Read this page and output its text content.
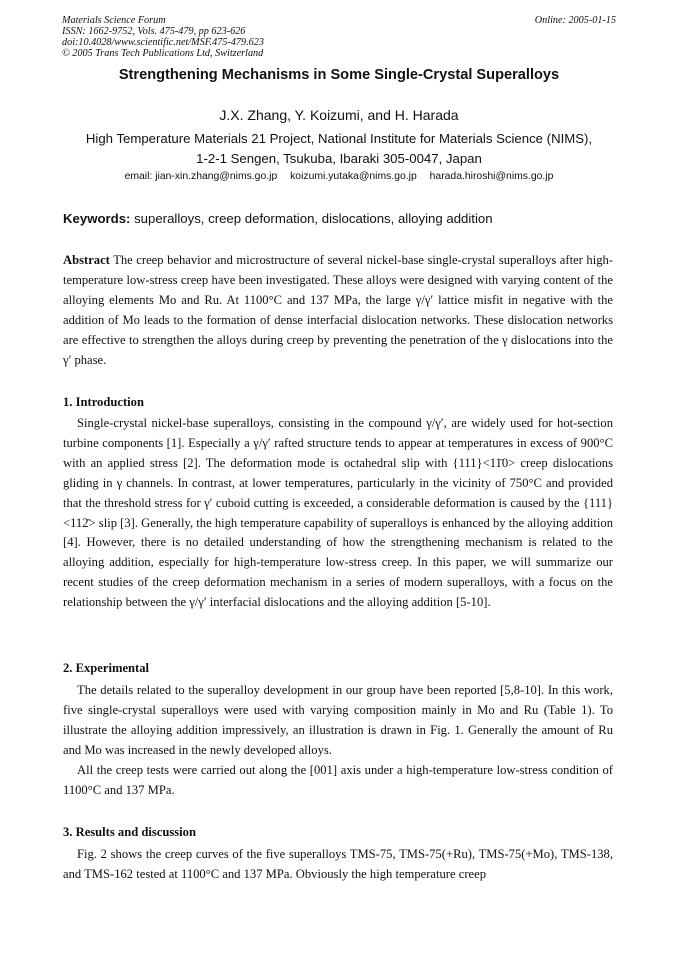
Materials Science Forum	Online: 2005-01-15
ISSN: 1662-9752, Vols. 475-479, pp 623-626
doi:10.4028/www.scientific.net/MSF.475-479.623
© 2005 Trans Tech Publications Ltd, Switzerland
Strengthening Mechanisms in Some Single-Crystal Superalloys
J.X. Zhang, Y. Koizumi, and H. Harada
High Temperature Materials 21 Project, National Institute for Materials Science (NIMS),
1-2-1 Sengen, Tsukuba, Ibaraki 305-0047, Japan
email: jian-xin.zhang@nims.go.jp koizumi.yutaka@nims.go.jp harada.hiroshi@nims.go.jp
Keywords: superalloys, creep deformation, dislocations, alloying addition

Abstract The creep behavior and microstructure of several nickel-base single-crystal superalloys after high-temperature low-stress creep have been investigated. These alloys were designed with varying content of the alloying elements Mo and Ru. At 1100°C and 137 MPa, the large γ/γ′ lattice misfit in negative with the addition of Mo leads to the formation of dense interfacial dislocation networks. These dislocation networks are effective to strengthen the alloys during creep by preventing the penetration of the γ dislocations into the γ′ phase.

1. Introduction

Single-crystal nickel-base superalloys, consisting in the compound γ/γ′, are widely used for hot-section turbine components [1]. Especially a γ/γ′ rafted structure tends to appear at temperatures in excess of 900°C with an applied stress [2]. The deformation mode is octahedral slip with {111}<11̄0> creep dislocations gliding in γ channels. In contrast, at lower temperatures, particularly in the vicinity of 750°C and provided that the threshold stress for γ′ cuboid cutting is exceeded, a considerable deformation is caused by the {111}<112̄> slip [3]. Generally, the high temperature capability of superalloys is enhanced by the alloying addition [4]. However, there is no detailed understanding of how the strengthening mechanism is related to the alloying addition, especially for high-temperature low-stress creep. In this paper, we will summarize our recent studies of the creep deformation mechanism in a series of modern superalloys, with a focus on the relationship between the γ/γ′ interfacial dislocations and the alloying addition [5-10].

2. Experimental

The details related to the superalloy development in our group have been reported [5,8-10]. In this work, five single-crystal superalloys were used with varying composition mainly in Mo and Ru (Table 1). To illustrate the alloying addition impressively, an illustration is drawn in Fig. 1. Generally the amount of Ru and Mo was increased in the newly developed alloys.

All the creep tests were carried out along the [001] axis under a high-temperature low-stress condition of 1100°C and 137 MPa.

3. Results and discussion

Fig. 2 shows the creep curves of the five superalloys TMS-75, TMS-75(+Ru), TMS-75(+Mo), TMS-138, and TMS-162 tested at 1100°C and 137 MPa. Obviously the high temperature creep
